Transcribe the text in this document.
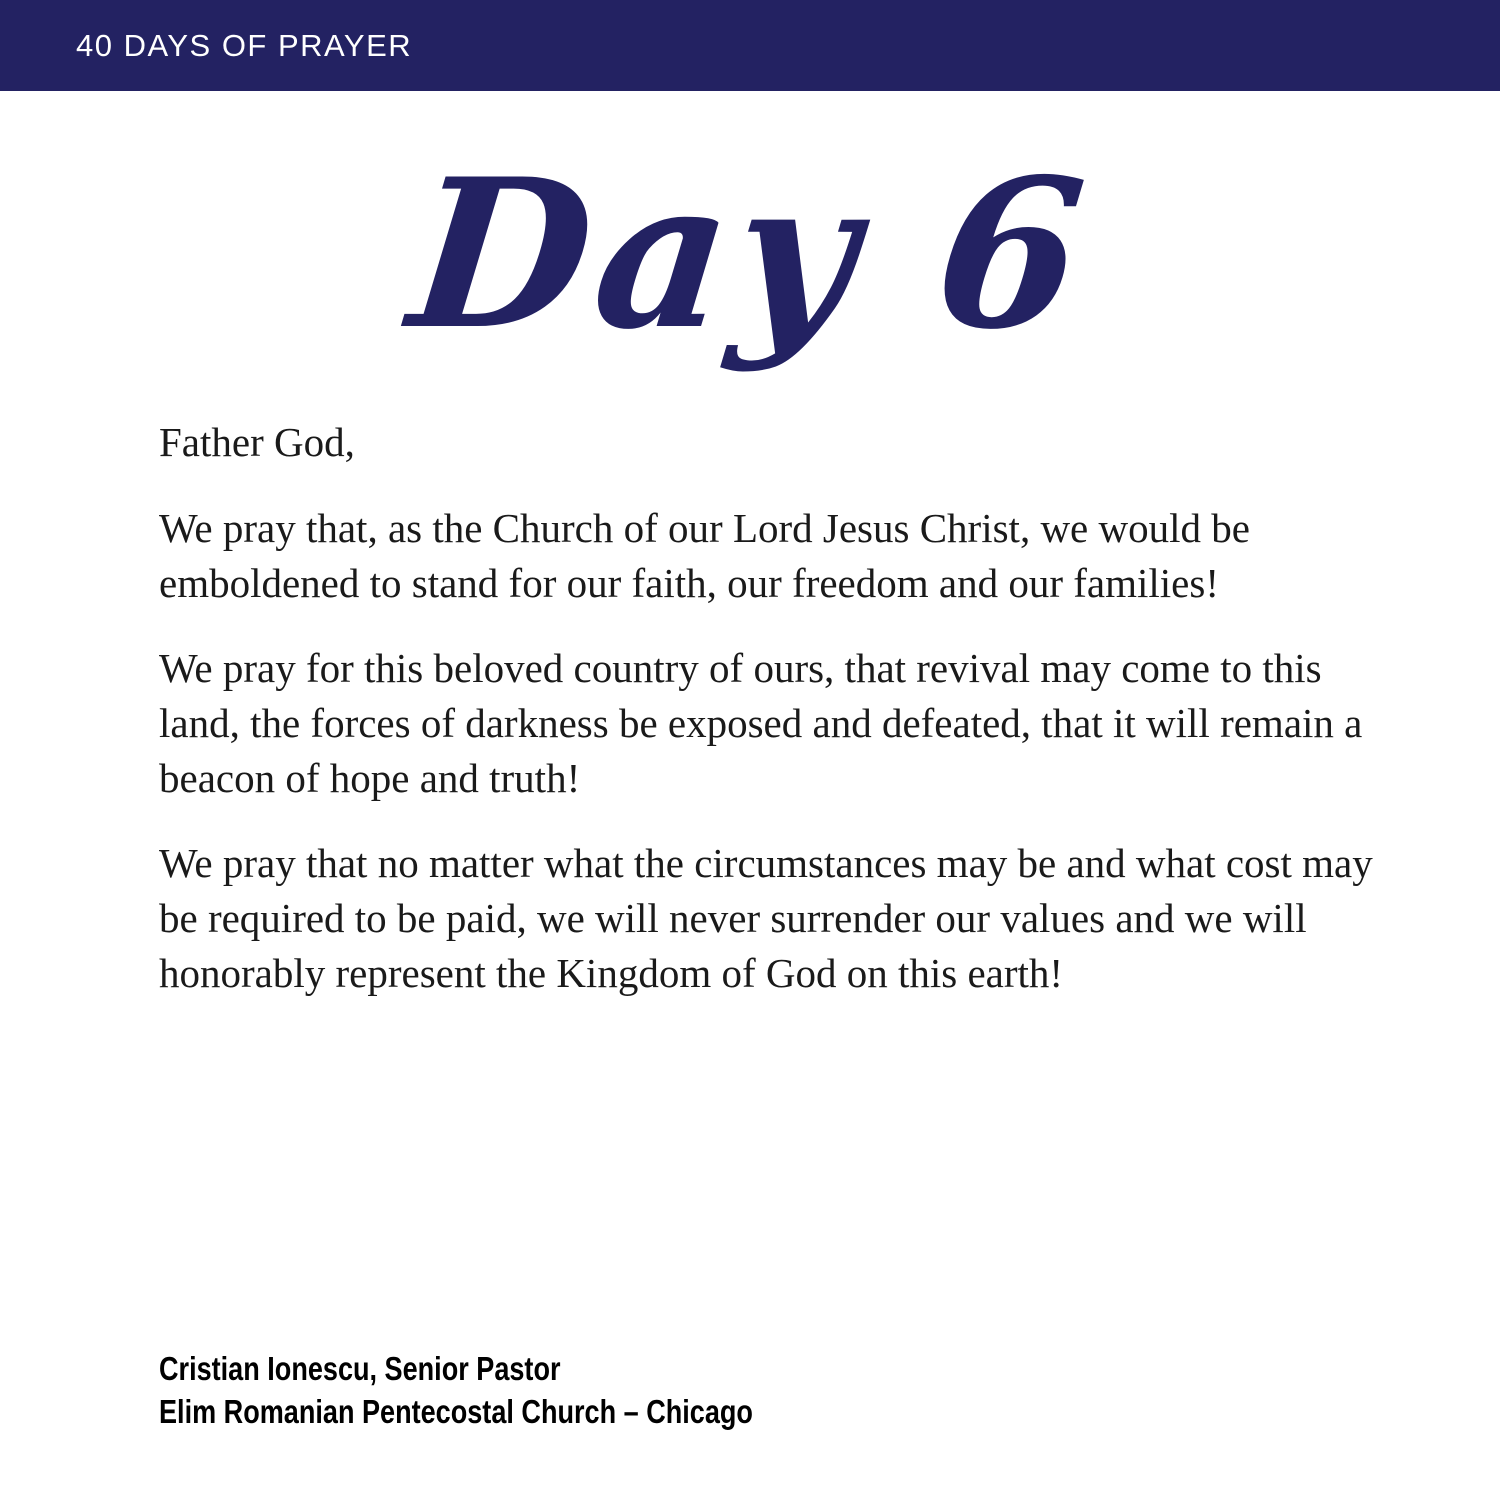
40 DAYS OF PRAYER
Day 6

Father God,

We pray that, as the Church of our Lord Jesus Christ, we would be emboldened to stand for our faith, our freedom and our families!

We pray for this beloved country of ours, that revival may come to this land, the forces of darkness be exposed and defeated, that it will remain a beacon of hope and truth!

We pray that no matter what the circumstances may be and what cost may be required to be paid, we will never surrender our values and we will honorably represent the Kingdom of God on this earth!

Cristian Ionescu, Senior Pastor
Elim Romanian Pentecostal Church – Chicago
